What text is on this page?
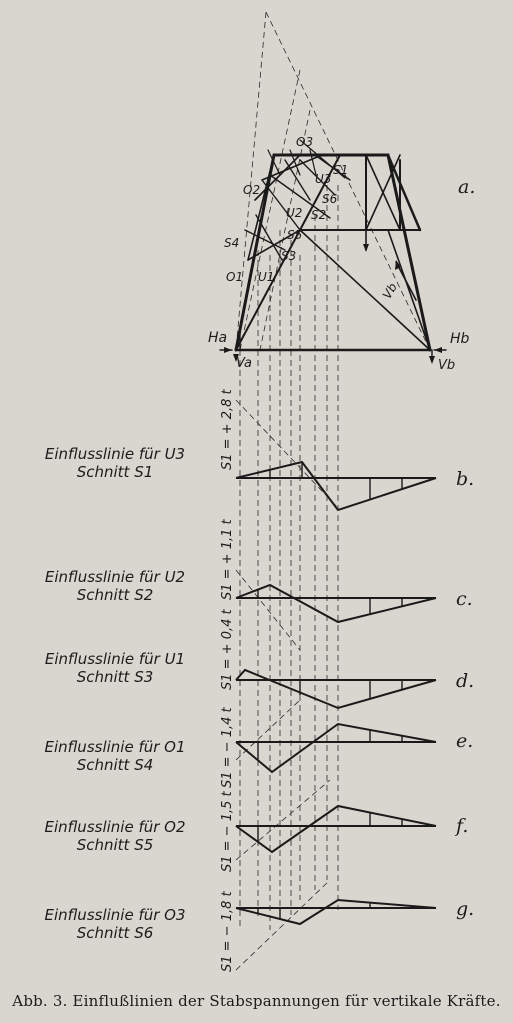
a.
Ha
Va
Hb
Vb
O3
O2
O1
U3
U2
U1
S1
S2
S3
S4
S5
S6
Vb
Einflusslinie für U3
Schnitt S1	b.
S1 = + 2,8 t
Einflusslinie für U2
Schnitt S2	c.
S1 = + 1,1 t
Einflusslinie für U1
Schnitt S3	d.
S1 = + 0,4 t
Einflusslinie für O1
Schnitt S4
e.
S1 = − 1,4 t
Einflusslinie für O2
Schnitt S5
f.
S1 = − 1,5 t
Einflusslinie für O3
Schnitt S6
g.
S1 = − 1,8 t
Abb. 3. Einflußlinien der Stabspannungen für vertikale Kräfte.
